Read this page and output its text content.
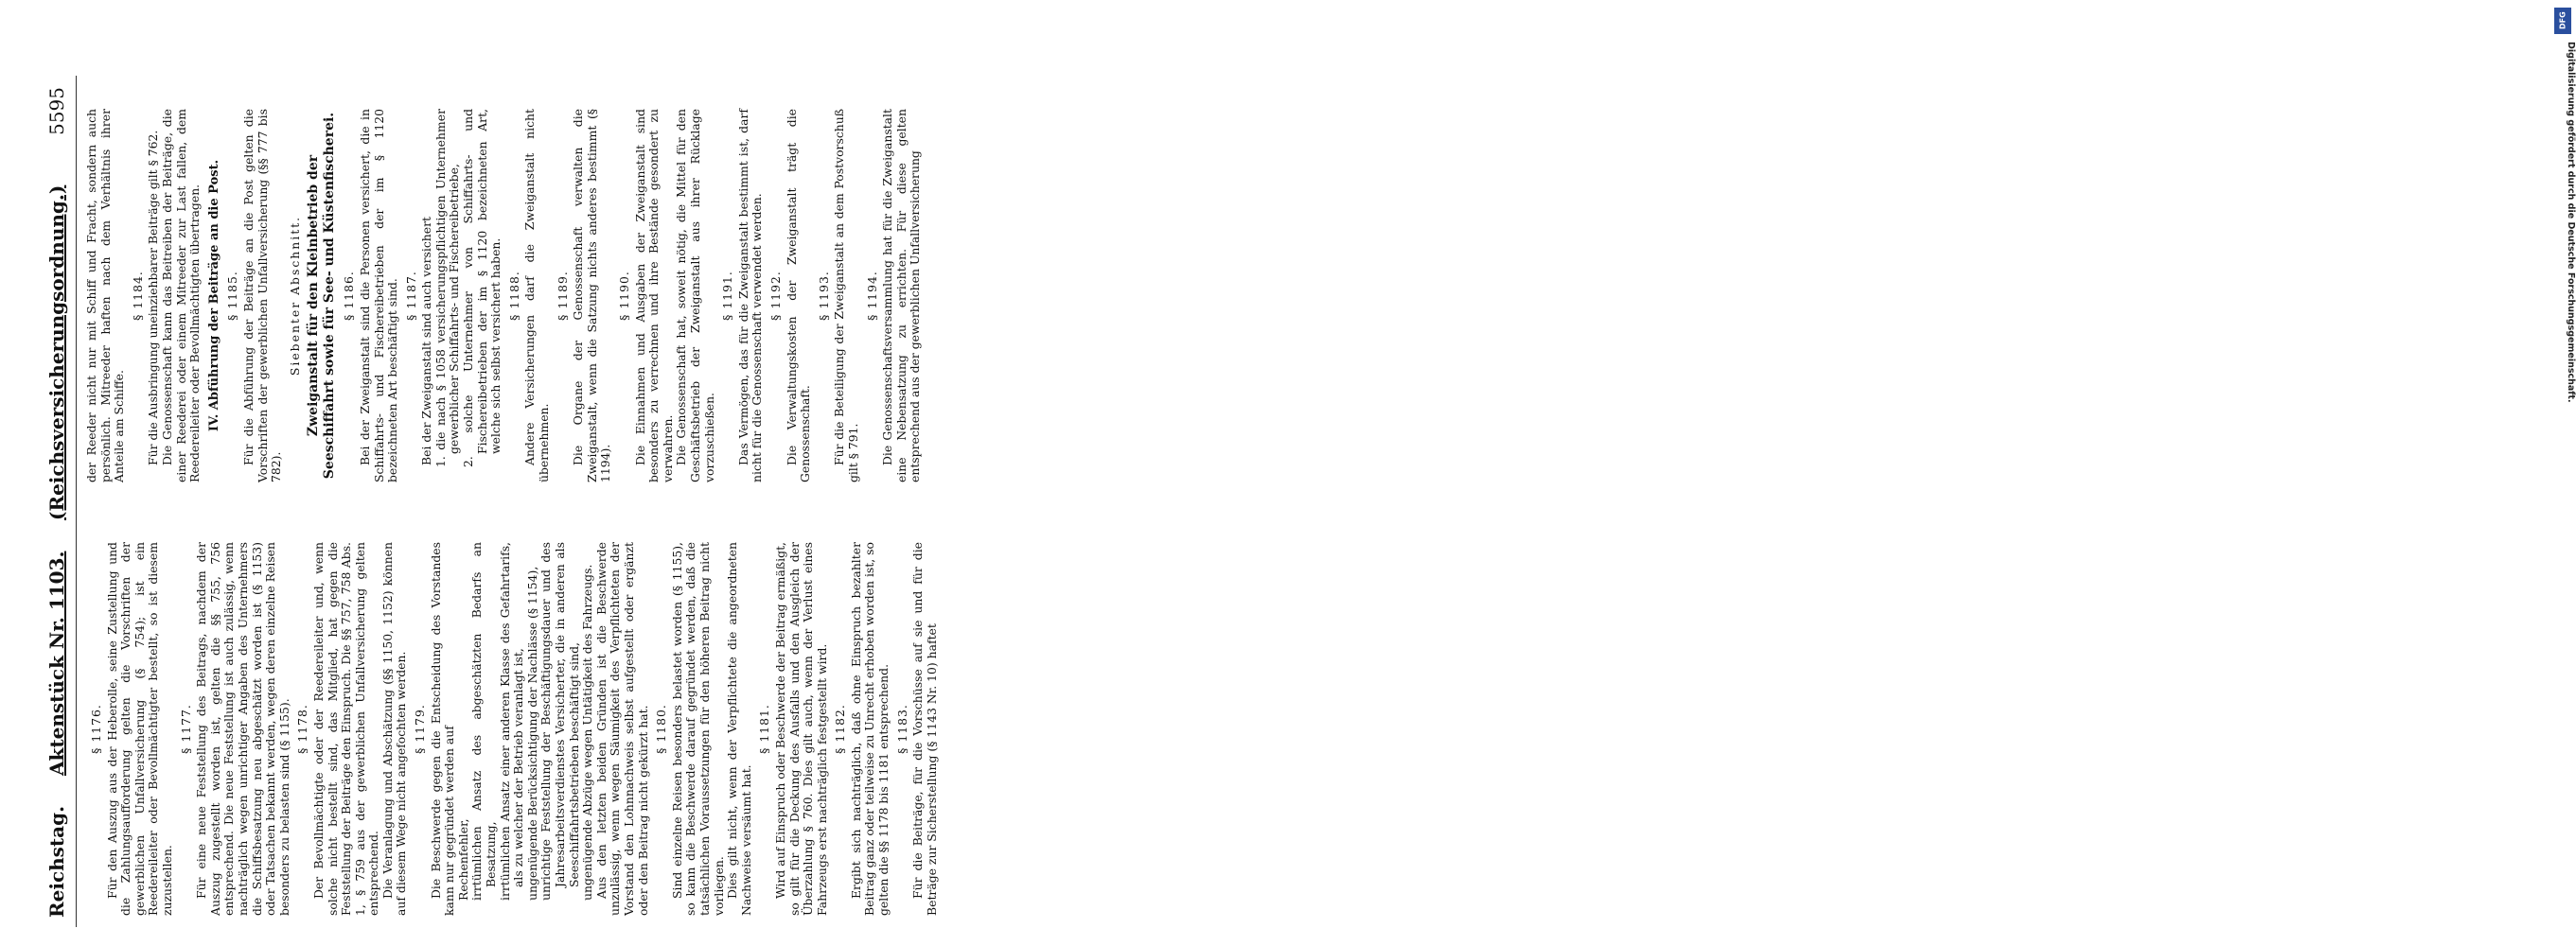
Reichstag.
Aktenstück Nr. 1103.
(Reichsversicherungsordnung.)
5595
§ 1176. Für den Auszug aus der Heberolle, seine Zustellung und die Zahlungsaufforderung gelten die Vorschriften der gewerblichen Unfallversicherung (§ 754); ist ein Reedereileiter oder Bevollmächtigter bestellt, so ist diesem zuzustellen.
§ 1177. Für eine neue Feststellung des Beitrags, nachdem der Auszug zugestellt worden ist, gelten die §§ 755, 756 entsprechend. Die neue Feststellung ist auch zulässig, wenn nachträglich wegen unrichtiger Angaben des Unternehmers die Schiffsbesatzung neu abgeschätzt worden ist (§ 1153) oder Tatsachen bekannt werden, wegen deren einzelne Reisen besonders zu belasten sind (§ 1155). § 1178. Der Bevollmächtigte oder der Reedereileiter und, wenn solche nicht bestellt sind, das Mitglied, hat gegen die Feststellung der Beiträge den Einspruch. Die §§ 757, 758 Abs. 1, § 759 aus der gewerblichen Unfallversicherung gelten entsprechend. Die Veranlagung und Abschätzung (§§ 1150, 1152) können auf diesem Wege nicht angefochten werden. § 1179. Die Beschwerde gegen die Entscheidung des Vorstandes kann nur gegründet werden auf Rechenfehler, irrtümlichen Ansatz des abgeschätzten Bedarfs an Besatzung, irrtümlichen Ansatz einer anderen Klasse des Gefahrtarifs, als zu welcher der Betrieb veranlagt ist, ungenügende Berücksichtigung der Nachlässe (§ 1154), unrichtige Feststellung der Beschäftigungsdauer und des Jahresarbeitsverdienstes Versicherter, die in anderen als Seeschiffahrtsbetrieben beschäftigt sind, ungenügende Abzüge wegen Untätigkeit des Fahrzeugs. Aus den letzten beiden Gründen ist die Beschwerde unzulässig, wenn wegen Säumigkeit des Verpflichteten der Vorstand den Lohnnachweis selbst aufgestellt oder ergänzt oder den Beitrag nicht gekürzt hat. § 1180. Sind einzelne Reisen besonders belastet worden (§ 1155), so kann die Beschwerde darauf gegründet werden, daß die tatsächlichen Voraussetzungen für den höheren Beitrag nicht vorliegen. Dies gilt nicht, wenn der Verpflichtete die angeordneten Nachweise versäumt hat.
§ 1181. Wird auf Einspruch oder Beschwerde der Beitrag ermäßigt, so gilt für die Deckung des Ausfalls und den Ausgleich der Überzahlung § 760. Dies gilt auch, wenn der Verlust eines Fahrzeugs erst nachträglich festgestellt wird. § 1182. Ergibt sich nachträglich, daß ohne Einspruch bezahlter Beitrag ganz oder teilweise zu Unrecht erhoben worden ist, so gelten die §§ 1178 bis 1181 entsprechend. § 1183. Für die Beiträge, für die Vorschüsse auf sie und für die Beträge zur Sicherstellung (§ 1143 Nr. 10) haftet
der Reeder nicht nur mit Schiff und Fracht, sondern auch persönlich. Mitreeder haften nach dem Verhältnis ihrer Anteile am Schiffe.
§ 1184. Für die Ausbringung uneinziehbarer Beiträge gilt § 762. Die Genossenschaft kann das Beitreiben der Beiträge, die einer Reederei oder einem Mitreeder zur Last fallen, dem Reedereileiter oder Bevollmächtigten übertragen. IV. Abführung der Beiträge an die Post. § 1185. Für die Abführung der Beiträge an die Post gelten die Vorschriften der gewerblichen Unfallversicherung (§§ 777 bis 782).
Siebenter Abschnitt. Zweiganstalt für den Kleinbetrieb der Seeschiffahrt sowie für See- und Küstenfischerei. § 1186. Bei der Zweiganstalt sind die Personen versichert, die in Schiffahrts- und Fischereibetrieben der im § 1120 bezeichneten Art beschäftigt sind. § 1187. Bei der Zweiganstalt sind auch versichert 1. die nach § 1058 versicherungspflichtigen Unternehmer gewerblicher Schiffahrts- und Fischereibetriebe, 2. solche Unternehmer von Schiffahrts- und Fischereibetrieben der im § 1120 bezeichneten Art, welche sich selbst versichert haben. § 1188. Andere Versicherungen darf die Zweiganstalt nicht übernehmen.
§ 1189. Die Organe der Genossenschaft verwalten die Zweiganstalt, wenn die Satzung nichts anderes bestimmt (§ 1194).
§ 1190. Die Einnahmen und Ausgaben der Zweiganstalt sind besonders zu verrechnen und ihre Bestände gesondert zu verwahren. Die Genossenschaft hat, soweit nötig, die Mittel für den Geschäftsbetrieb der Zweiganstalt aus ihrer Rücklage vorzuschießen.
§ 1191. Das Vermögen, das für die Zweiganstalt bestimmt ist, darf nicht für die Genossenschaft verwendet werden. § 1192. Die Verwaltungskosten der Zweiganstalt trägt die Genossenschaft.
§ 1193. Für die Beteiligung der Zweiganstalt an dem Postvorschuß gilt § 791.
§ 1194. Die Genossenschaftsversammlung hat für die Zweiganstalt eine Nebensatzung zu errichten. Für diese gelten entsprechend aus der gewerblichen Unfallversicherung
DFG
Digitalisierung gefördert durch die Deutsche Forschungsgemeinschaft.
